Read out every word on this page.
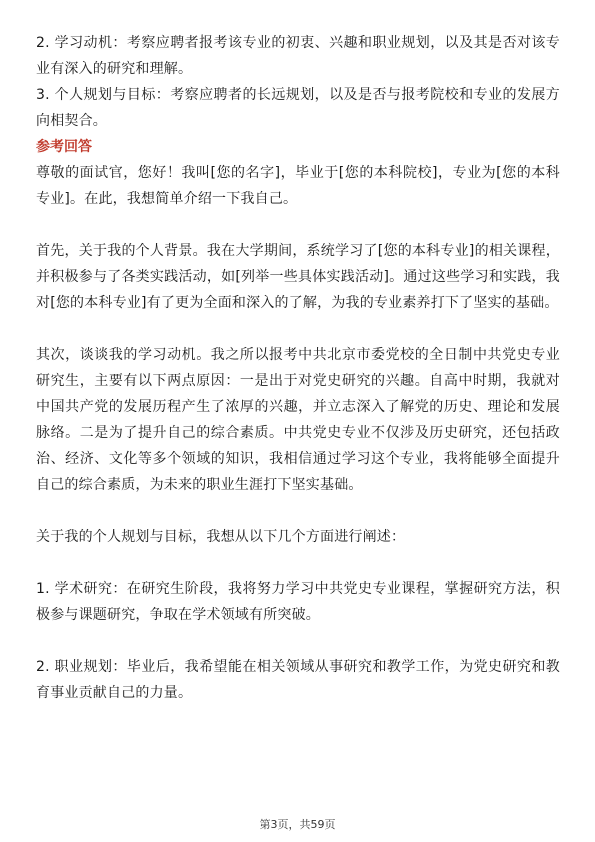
2. 学习动机：考察应聘者报考该专业的初衷、兴趣和职业规划，以及其是否对该专业有深入的研究和理解。

3. 个人规划与目标：考察应聘者的长远规划，以及是否与报考院校和专业的发展方向相契合。

参考回答

尊敬的面试官，您好！我叫[您的名字]，毕业于[您的本科院校]，专业为[您的本科专业]。在此，我想简单介绍一下我自己。

首先，关于我的个人背景。我在大学期间，系统学习了[您的本科专业]的相关课程，并积极参与了各类实践活动，如[列举一些具体实践活动]。通过这些学习和实践，我对[您的本科专业]有了更为全面和深入的了解，为我的专业素养打下了坚实的基础。

其次，谈谈我的学习动机。我之所以报考中共北京市委党校的全日制中共党史专业研究生，主要有以下两点原因：一是出于对党史研究的兴趣。自高中时期，我就对中国共产党的发展历程产生了浓厚的兴趣，并立志深入了解党的历史、理论和发展脉络。二是为了提升自己的综合素质。中共党史专业不仅涉及历史研究，还包括政治、经济、文化等多个领域的知识，我相信通过学习这个专业，我将能够全面提升自己的综合素质，为未来的职业生涯打下坚实基础。

关于我的个人规划与目标，我想从以下几个方面进行阐述：

1. 学术研究：在研究生阶段，我将努力学习中共党史专业课程，掌握研究方法，积极参与课题研究，争取在学术领域有所突破。

2. 职业规划：毕业后，我希望能在相关领域从事研究和教学工作，为党史研究和教育事业贡献自己的力量。

第3页，共59页
